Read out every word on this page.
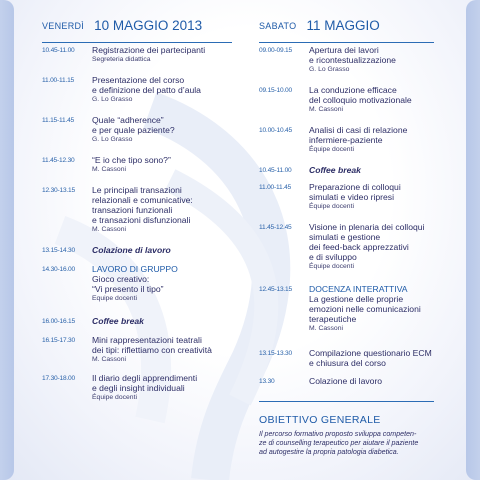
VENERDÌ 10 MAGGIO 2013
10.45-11.00 Registrazione dei partecipanti
Segreteria didattica
11.00-11.15 Presentazione del corso
e definizione del patto d’aula
G. Lo Grasso
11.15-11.45 Quale “adherence”
e per quale paziente?
G. Lo Grasso
11.45-12.30 “E io che tipo sono?”
M. Cassoni
12.30-13.15 Le principali transazioni
relazionali e comunicative:
transazioni funzionali
e transazioni disfunzionali
M. Cassoni
13.15-14.30 Colazione di lavoro
14.30-16.00 LAVORO DI GRUPPO
Gioco creativo:
“Vi presento il tipo”
Equipe docenti
16.00-16.15 Coffee break
16.15-17.30 Mini rappresentazioni teatrali
dei tipi: riflettiamo con creatività
M. Cassoni
17.30-18.00 Il diario degli apprendimenti
e degli insight individuali
Équipe docenti
SABATO 11 MAGGIO
09.00-09.15 Apertura dei lavori
e ricontestualizzazione
G. Lo Grasso
09.15-10.00 La conduzione efficace
del colloquio motivazionale
M. Cassoni
10.00-10.45 Analisi di casi di relazione
infermiere-paziente
Équipe docenti
10.45-11.00 Coffee break
11.00-11.45 Preparazione di colloqui
simulati e video ripresi
Équipe docenti
11.45-12.45 Visione in plenaria dei colloqui
simulati e gestione
dei feed-back apprezzativi
e di sviluppo
Équipe docenti
12.45-13.15 DOCENZA INTERATTIVA
La gestione delle proprie
emozioni nelle comunicazioni
terapeutiche
M. Cassoni
13.15-13.30 Compilazione questionario ECM
e chiusura del corso
13.30	Colazione di lavoro
OBIETTIVO GENERALE
Il percorso formativo proposto sviluppa competen-
ze di counselling terapeutico per aiutare il paziente
ad autogestire la propria patologia diabetica.
